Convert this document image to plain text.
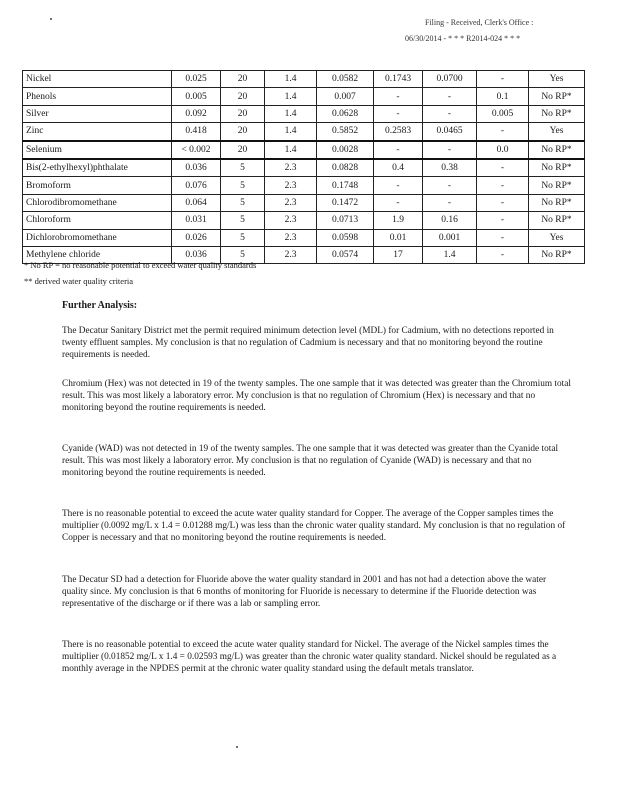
Filing - Received, Clerk's Office :
06/30/2014 - * * * R2014-024 * * *
Nickel	0.025	20	1.4	0.0582	0.1743	0.0700	-	Yes
Phenols	0.005	20	1.4	0.007	-	-	0.1	No RP*
Silver	0.092	20	1.4	0.0628	-	-	0.005	No RP*
Zinc	0.418	20	1.4	0.5852	0.2583	0.0465	-	Yes
Selenium	< 0.002	20	1.4	0.0028	-	-	0.0	No RP*
Bis(2-ethylhexyl)phthalate	0.036	5	2.3	0.0828	0.4	0.38	-	No RP*
Bromoform	0.076	5	2.3	0.1748	-	-	-	No RP*
Chlorodibromomethane	0.064	5	2.3	0.1472	-	-	-	No RP*
Chloroform	0.031	5	2.3	0.0713	1.9	0.16	-	No RP*
Dichlorobromomethane	0.026	5	2.3	0.0598	0.01	0.001	-	Yes
Methylene chloride	0.036	5	2.3	0.0574	17	1.4	-	No RP*
* No RP = no reasonable potential to exceed water quality standards
** derived water quality criteria
Further Analysis:

The Decatur Sanitary District met the permit required minimum detection level (MDL) for Cadmium, with no detections reported in twenty effluent samples. My conclusion is that no regulation of Cadmium is necessary and that no monitoring beyond the routine requirements is needed.

Chromium (Hex) was not detected in 19 of the twenty samples. The one sample that it was detected was greater than the Chromium total result. This was most likely a laboratory error. My conclusion is that no regulation of Chromium (Hex) is necessary and that no monitoring beyond the routine requirements is needed.

Cyanide (WAD) was not detected in 19 of the twenty samples. The one sample that it was detected was greater than the Cyanide total result. This was most likely a laboratory error. My conclusion is that no regulation of Cyanide (WAD) is necessary and that no monitoring beyond the routine requirements is needed.

There is no reasonable potential to exceed the acute water quality standard for Copper. The average of the Copper samples times the multiplier (0.0092 mg/L x 1.4 = 0.01288 mg/L) was less than the chronic water quality standard. My conclusion is that no regulation of Copper is necessary and that no monitoring beyond the routine requirements is needed.

The Decatur SD had a detection for Fluoride above the water quality standard in 2001 and has not had a detection above the water quality since. My conclusion is that 6 months of monitoring for Fluoride is necessary to determine if the Fluoride detection was representative of the discharge or if there was a lab or sampling error.

There is no reasonable potential to exceed the acute water quality standard for Nickel. The average of the Nickel samples times the multiplier (0.01852 mg/L x 1.4 = 0.02593 mg/L) was greater than the chronic water quality standard. Nickel should be regulated as a monthly average in the NPDES permit at the chronic water quality standard using the default metals translator.
